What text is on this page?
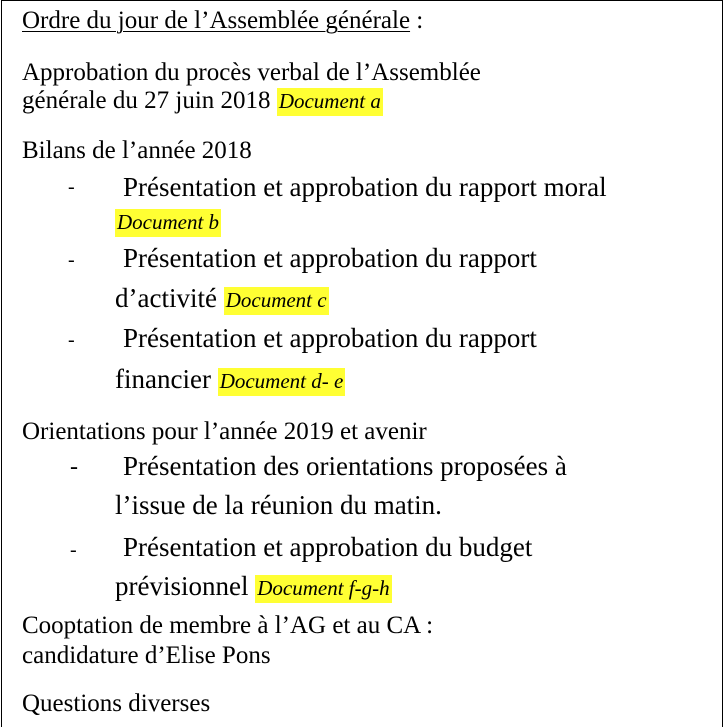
Ordre du jour de l’Assemblée générale :
Approbation du procès verbal de l’Assemblée
générale du 27 juin 2018 Document a
Bilans de l’année 2018
- Présentation et approbation du rapport moral
Document b
- Présentation et approbation du rapport
d’activité Document c
- Présentation et approbation du rapport
financier Document d- e
Orientations pour l’année 2019 et avenir
- Présentation des orientations proposées à
l’issue de la réunion du matin.
- Présentation et approbation du budget
prévisionnel Document f-g-h
Cooptation de membre à l’AG et au CA :
candidature d’Elise Pons
Questions diverses
